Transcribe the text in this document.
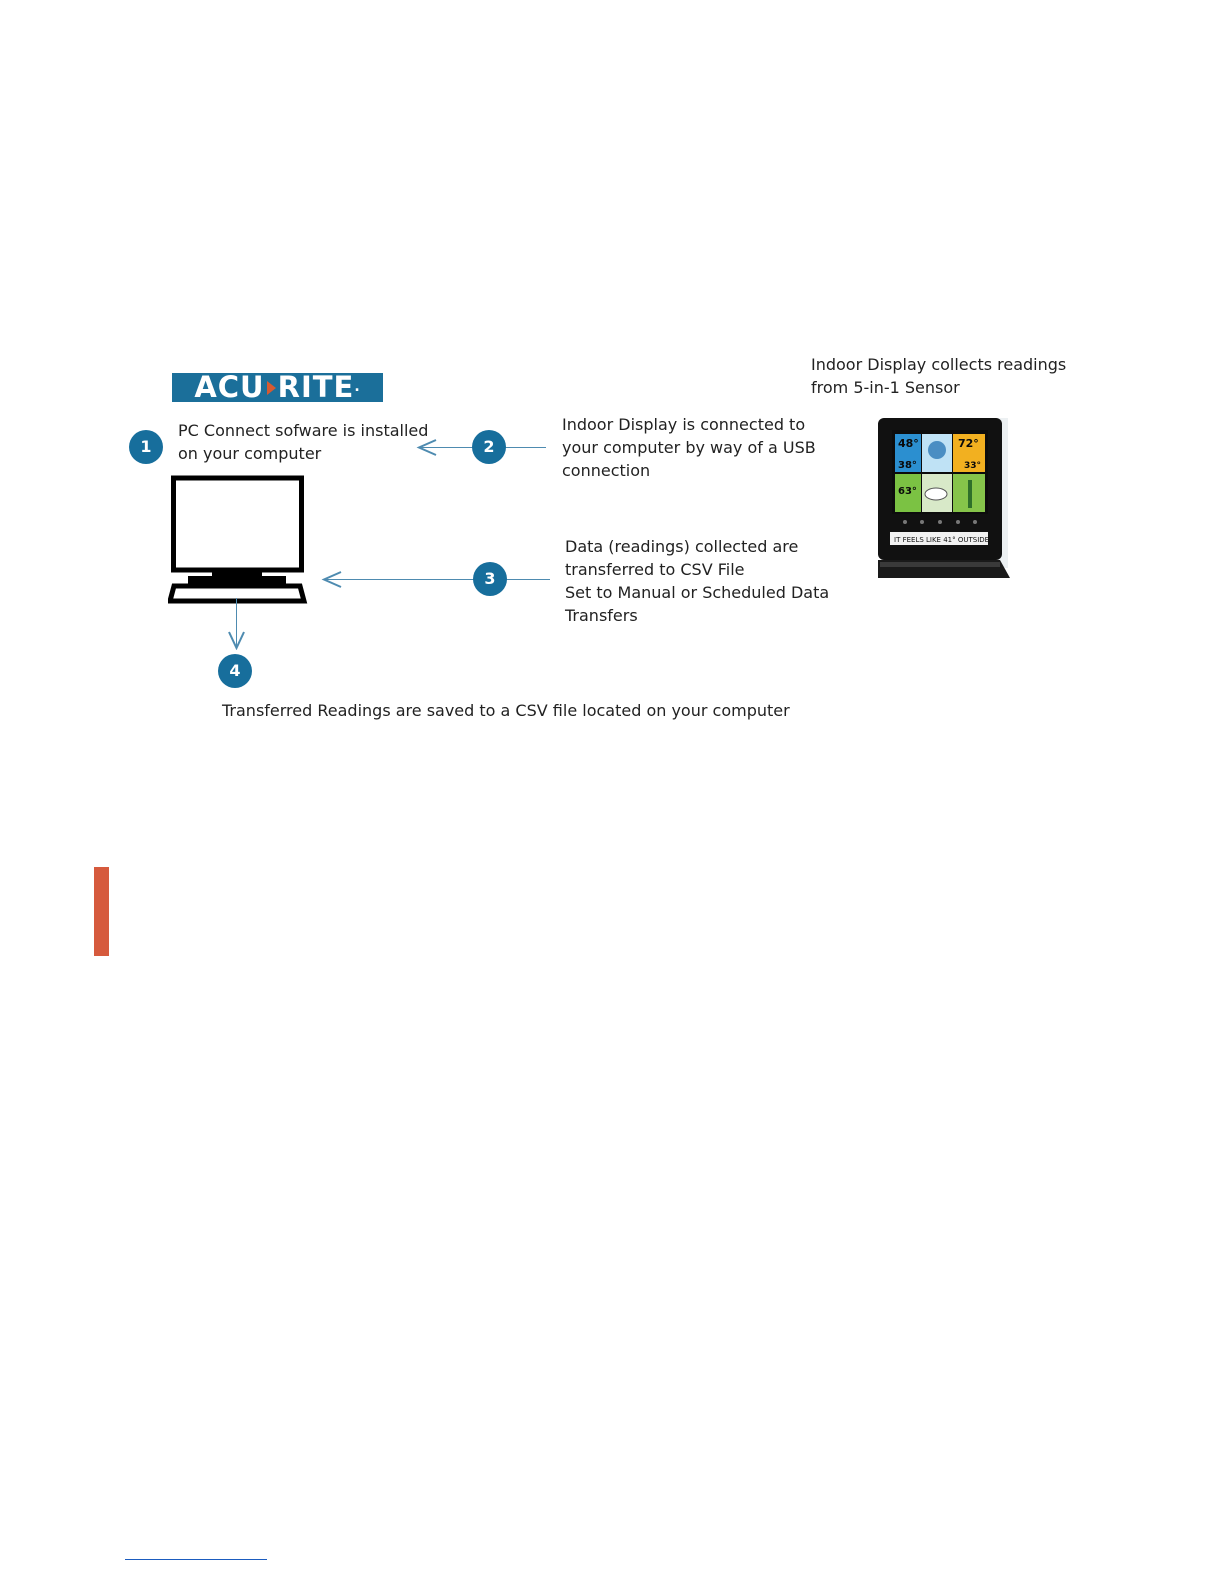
ACU RITE .
1
PC Connect sofware is installed
on your computer	2
Indoor Display is connected to
your computer by way of a USB
connection
Indoor Display collects readings
from 5-in-1 Sensor
48°
38°
72°
33°
63°
IT FEELS LIKE 41° OUTSIDE
3
Data (readings) collected are
transferred to CSV File
Set to Manual or Scheduled Data
Transfers
4
Transferred Readings are saved to a CSV file located on your computer
